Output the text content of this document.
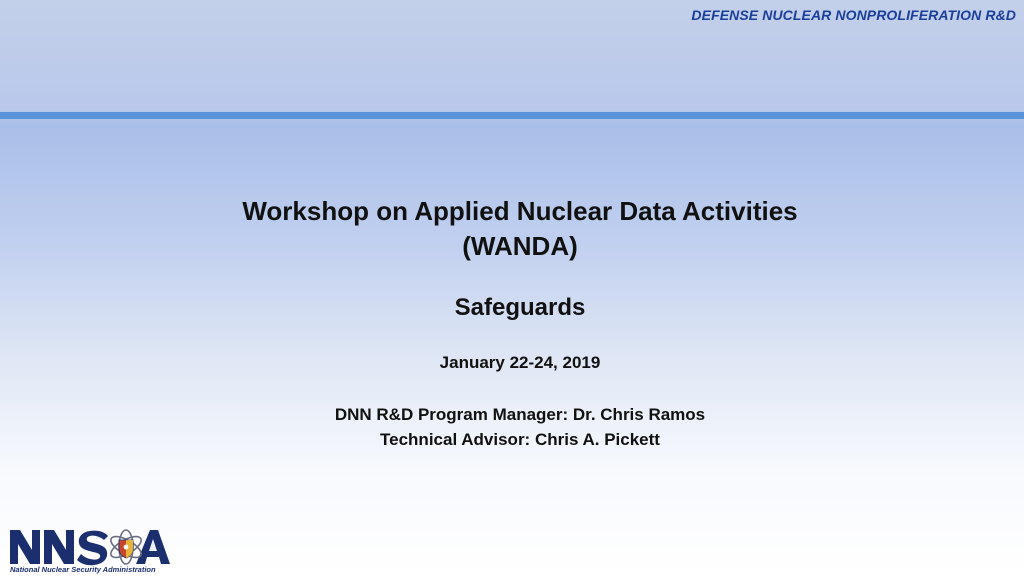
DEFENSE NUCLEAR NONPROLIFERATION R&D
Workshop on Applied Nuclear Data Activities
(WANDA)
Safeguards
January 22-24, 2019
DNN R&D Program Manager: Dr. Chris Ramos
Technical Advisor: Chris A. Pickett
National Nuclear Security Administration
